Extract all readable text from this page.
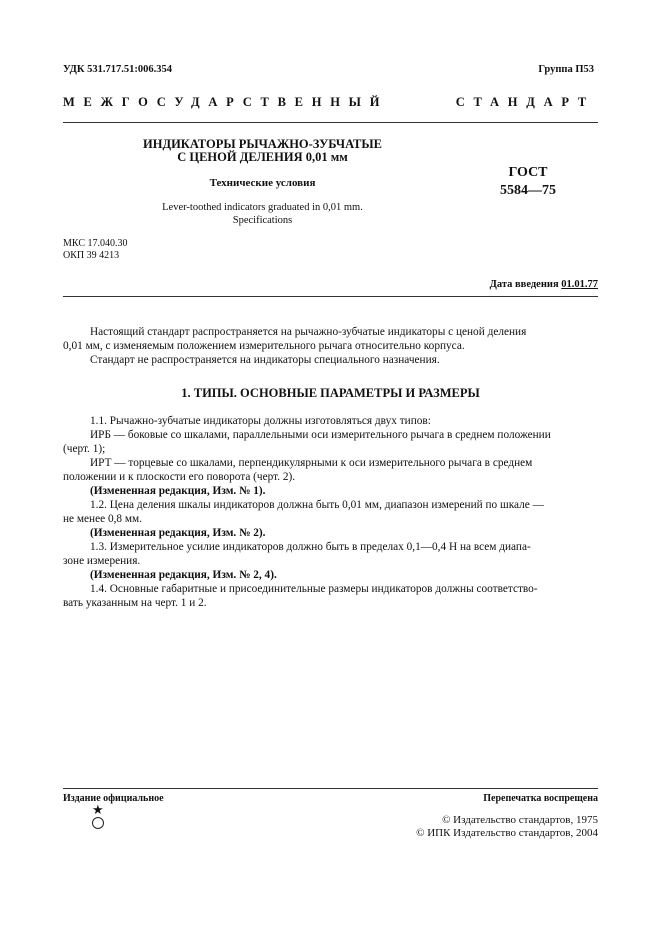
УДК 531.717.51:006.354	Группа П53
МЕЖГОСУДАРСТВЕННЫЙ СТАНДАРТ
ИНДИКАТОРЫ РЫЧАЖНО-ЗУБЧАТЫЕ
С ЦЕНОЙ ДЕЛЕНИЯ 0,01 мм
Технические условия
Lever-toothed indicators graduated in 0,01 mm.
Specifications
ГОСТ
5584—75
МКС 17.040.30
ОКП 39 4213
Дата введения 01.01.77

Настоящий стандарт распространяется на рычажно-зубчатые индикаторы с ценой деления

0,01 мм, с изменяемым положением измерительного рычага относительно корпуса.

Стандарт не распространяется на индикаторы специального назначения.

1. ТИПЫ. ОСНОВНЫЕ ПАРАМЕТРЫ И РАЗМЕРЫ

1.1. Рычажно-зубчатые индикаторы должны изготовляться двух типов:

ИРБ — боковые со шкалами, параллельными оси измерительного рычага в среднем положении

(черт. 1);

ИРТ — торцевые со шкалами, перпендикулярными к оси измерительного рычага в среднем

положении и к плоскости его поворота (черт. 2).

(Измененная редакция, Изм. № 1).

1.2. Цена деления шкалы индикаторов должна быть 0,01 мм, диапазон измерений по шкале —

не менее 0,8 мм.

(Измененная редакция, Изм. № 2).

1.3. Измерительное усилие индикаторов должно быть в пределах 0,1—0,4 Н на всем диапа-

зоне измерения.

(Измененная редакция, Изм. № 2, 4).

1.4. Основные габаритные и присоединительные размеры индикаторов должны соответство-

вать указанным на черт. 1 и 2.

Издание официальное	Перепечатка воспрещена
★
© Издательство стандартов, 1975
© ИПК Издательство стандартов, 2004
